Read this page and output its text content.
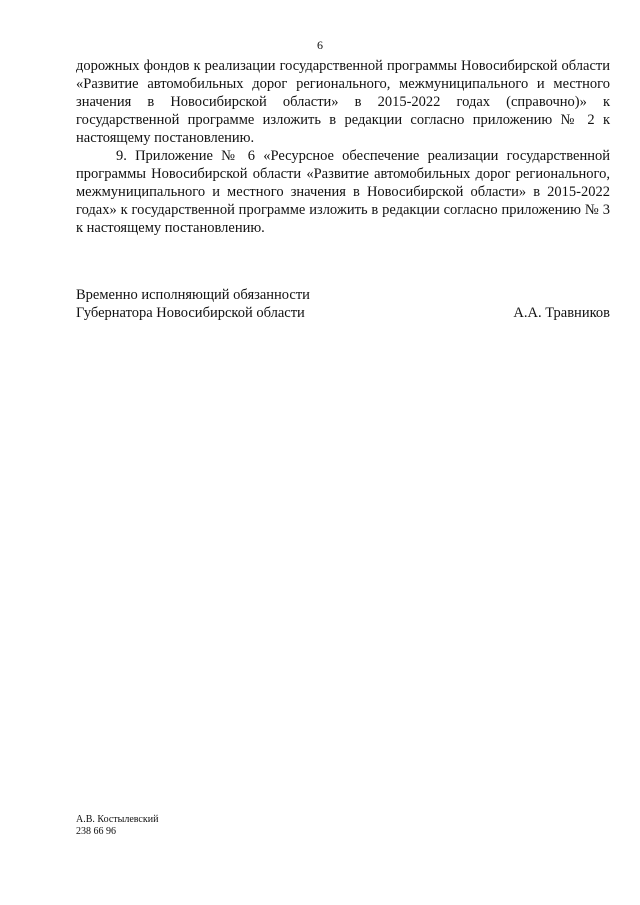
6

дорожных фондов к реализации государственной программы Новосибирской области «Развитие автомобильных дорог регионального, межмуниципального и местного значения в Новосибирской области» в 2015-2022 годах (справочно)» к государственной программе изложить в редакции согласно приложению № 2 к настоящему постановлению.

9. Приложение № 6 «Ресурсное обеспечение реализации государственной программы Новосибирской области «Развитие автомобильных дорог регионального, межмуниципального и местного значения в Новосибирской области» в 2015-2022 годах» к государственной программе изложить в редакции согласно приложению № 3 к настоящему постановлению.

Временно исполняющий обязанности
Губернатора Новосибирской области	А.А. Травников
А.В. Костылевский
238 66 96
